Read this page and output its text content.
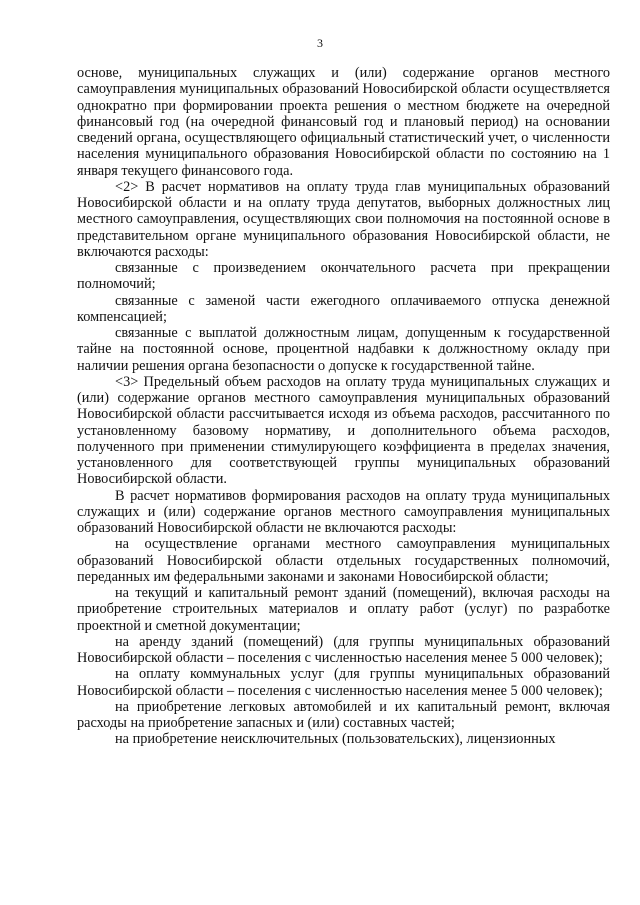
3

основе, муниципальных служащих и (или) содержание органов местного самоуправления муниципальных образований Новосибирской области осуществляется однократно при формировании проекта решения о местном бюджете на очередной финансовый год (на очередной финансовый год и плановый период) на основании сведений органа, осуществляющего официальный статистический учет, о численности населения муниципального образования Новосибирской области по состоянию на 1 января текущего финансового года.

<2> В расчет нормативов на оплату труда глав муниципальных образований Новосибирской области и на оплату труда депутатов, выборных должностных лиц местного самоуправления, осуществляющих свои полномочия на постоянной основе в представительном органе муниципального образования Новосибирской области, не включаются расходы:

связанные с произведением окончательного расчета при прекращении полномочий;

связанные с заменой части ежегодного оплачиваемого отпуска денежной компенсацией;

связанные с выплатой должностным лицам, допущенным к государственной тайне на постоянной основе, процентной надбавки к должностному окладу при наличии решения органа безопасности о допуске к государственной тайне.

<3> Предельный объем расходов на оплату труда муниципальных служащих и (или) содержание органов местного самоуправления муниципальных образований Новосибирской области рассчитывается исходя из объема расходов, рассчитанного по установленному базовому нормативу, и дополнительного объема расходов, полученного при применении стимулирующего коэффициента в пределах значения, установленного для соответствующей группы муниципальных образований Новосибирской области.

В расчет нормативов формирования расходов на оплату труда муниципальных служащих и (или) содержание органов местного самоуправления муниципальных образований Новосибирской области не включаются расходы:

на осуществление органами местного самоуправления муниципальных образований Новосибирской области отдельных государственных полномочий, переданных им федеральными законами и законами Новосибирской области;

на текущий и капитальный ремонт зданий (помещений), включая расходы на приобретение строительных материалов и оплату работ (услуг) по разработке проектной и сметной документации;

на аренду зданий (помещений) (для группы муниципальных образований Новосибирской области – поселения с численностью населения менее 5 000 человек);

на оплату коммунальных услуг (для группы муниципальных образований Новосибирской области – поселения с численностью населения менее 5 000 человек);

на приобретение легковых автомобилей и их капитальный ремонт, включая расходы на приобретение запасных и (или) составных частей;

на приобретение неисключительных (пользовательских), лицензионных
